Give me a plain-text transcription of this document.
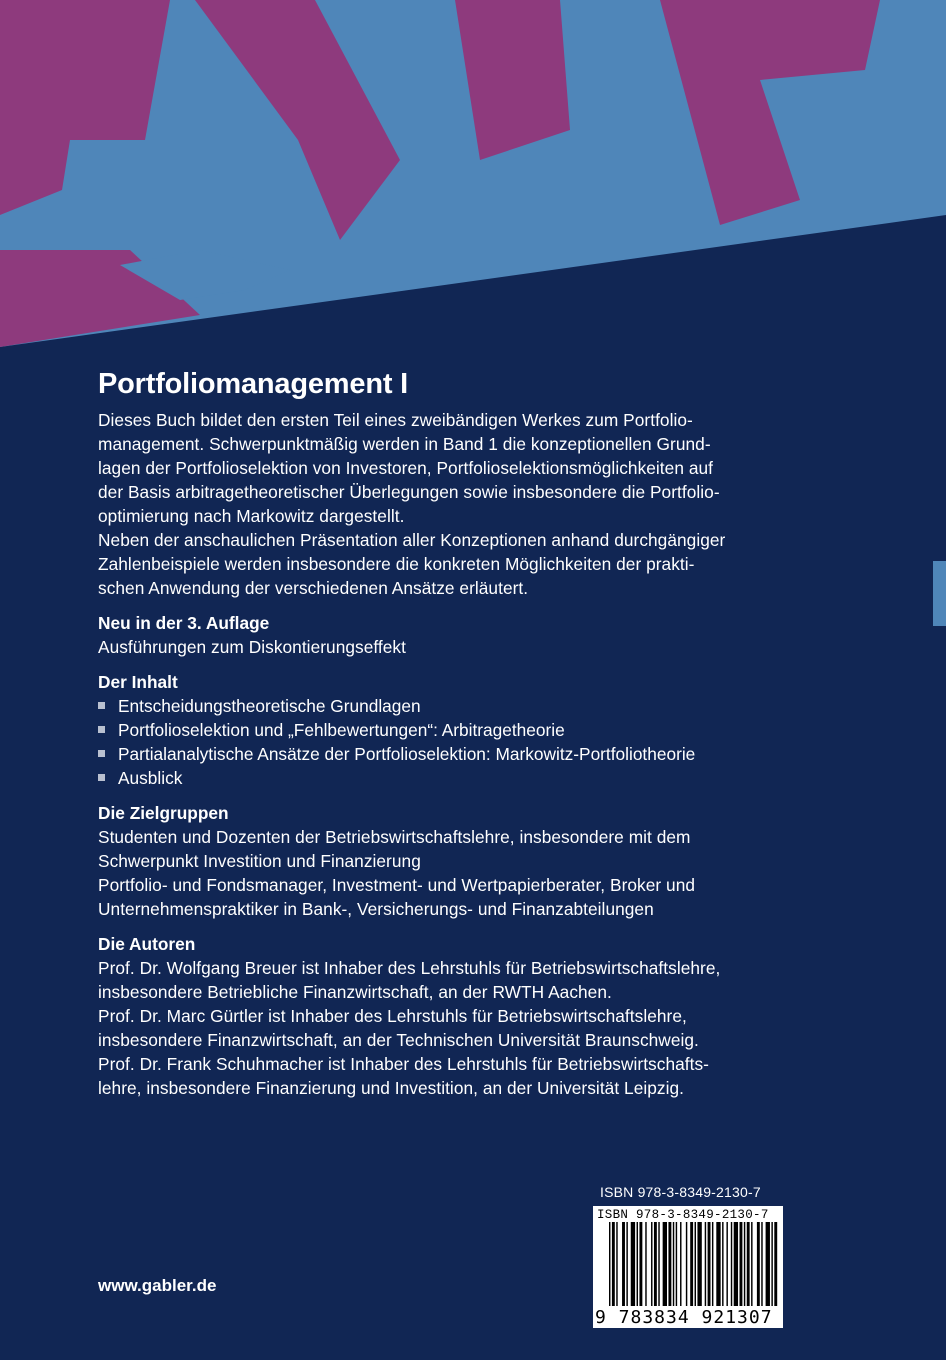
Portfoliomanagement I

Dieses Buch bildet den ersten Teil eines zweibändigen Werkes zum Portfolio-
management. Schwerpunktmäßig werden in Band 1 die konzeptionellen Grund-
lagen der Portfolioselektion von Investoren, Portfolioselektionsmöglichkeiten auf
der Basis arbitragetheoretischer Überlegungen sowie insbesondere die Portfolio-
optimierung nach Markowitz dargestellt.

Neben der anschaulichen Präsentation aller Konzeptionen anhand durchgängiger
Zahlenbeispiele werden insbesondere die konkreten Möglichkeiten der prakti-
schen Anwendung der verschiedenen Ansätze erläutert.

Neu in der 3. Auflage
Ausführungen zum Diskontierungseffekt
Der Inhalt
Entscheidungstheoretische Grundlagen
Portfolioselektion und „Fehlbewertungen“: Arbitragetheorie
Partialanalytische Ansätze der Portfolioselektion: Markowitz-Portfoliotheorie
Ausblick
Die Zielgruppen
Studenten und Dozenten der Betriebswirtschaftslehre, insbesondere mit dem
Schwerpunkt Investition und Finanzierung
Portfolio- und Fondsmanager, Investment- und Wertpapierberater, Broker und
Unternehmenspraktiker in Bank-, Versicherungs- und Finanzabteilungen
Die Autoren
Prof. Dr. Wolfgang Breuer ist Inhaber des Lehrstuhls für Betriebswirtschaftslehre,
insbesondere Betriebliche Finanzwirtschaft, an der RWTH Aachen.
Prof. Dr. Marc Gürtler ist Inhaber des Lehrstuhls für Betriebswirtschaftslehre,
insbesondere Finanzwirtschaft, an der Technischen Universität Braunschweig.
Prof. Dr. Frank Schuhmacher ist Inhaber des Lehrstuhls für Betriebswirtschafts-
lehre, insbesondere Finanzierung und Investition, an der Universität Leipzig.
ISBN 978-3-8349-2130-7
ISBN 978-3-8349-2130-7
9 783834 921307
www.gabler.de
